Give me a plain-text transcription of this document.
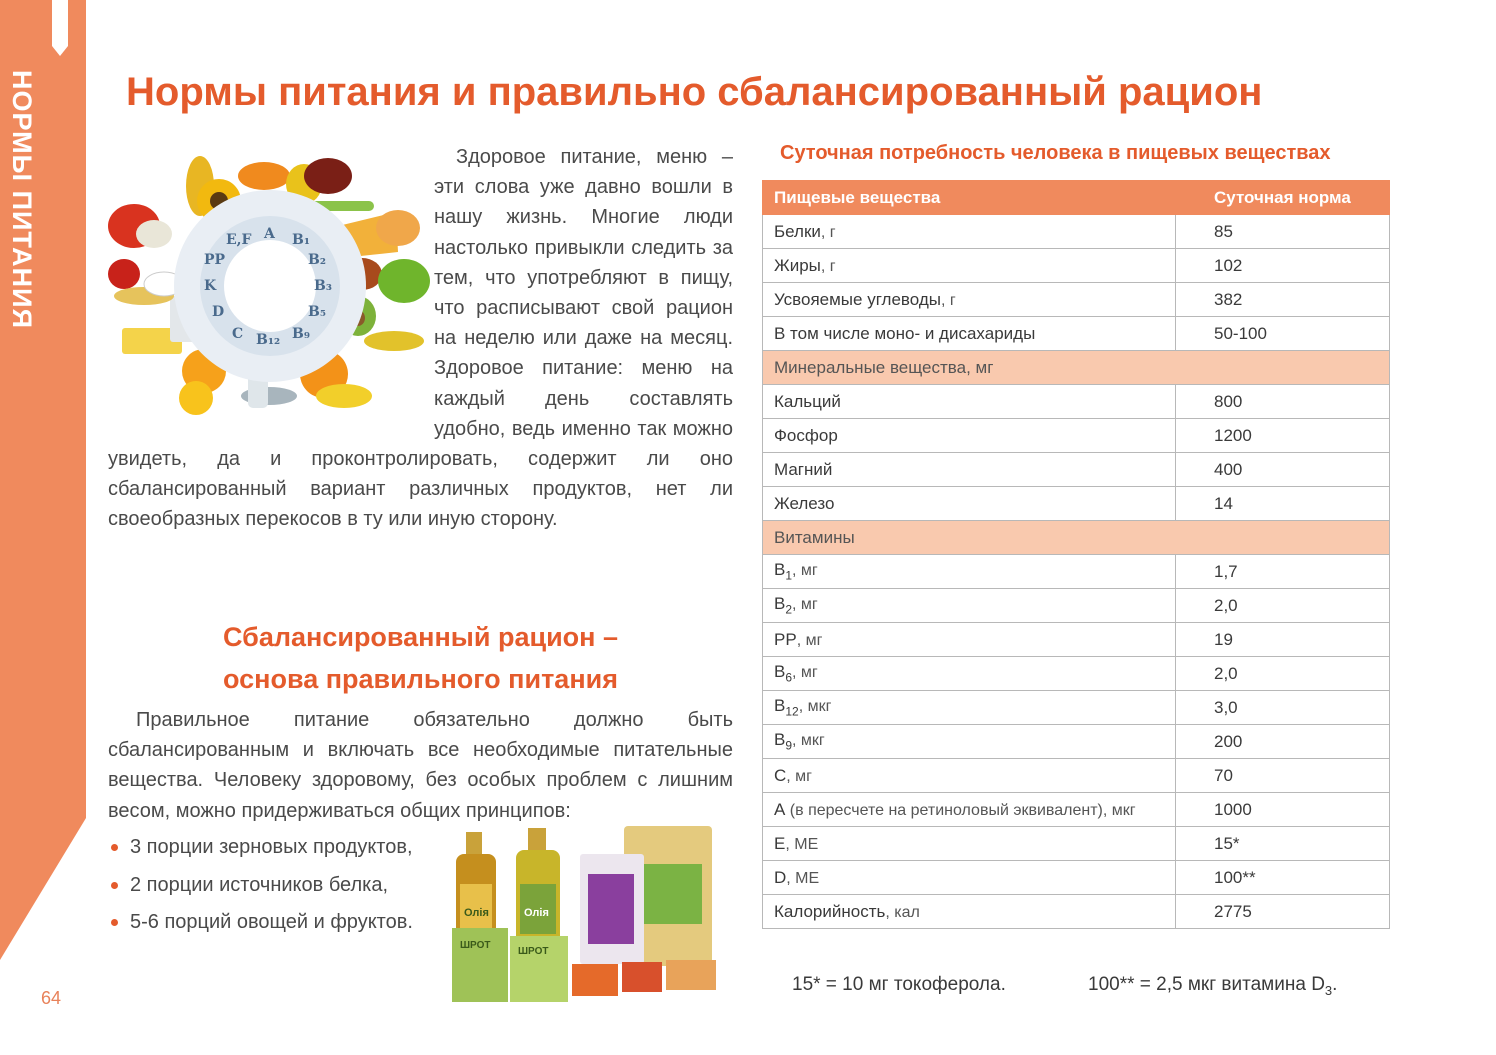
НОРМЫ ПИТАНИЯ
64
Нормы питания и правильно сбалансированный рацион
A B₁
B₂
B₃
B₅
B₉
B₁₂
C
D
K
PP
E,F

Здоровое питание, меню – эти слова уже давно вошли в нашу жизнь. Многие люди настолько привыкли следить за тем, что употребляют в пищу, что расписывают свой рацион на неделю или даже на месяц. Здоровое питание: меню на каждый день составлять удобно, ведь именно так можно увидеть, да и проконтролировать, содержит ли оно сбалансированный вариант различных продуктов, нет ли своеобразных перекосов в ту или иную сторону.

Сбалансированный рацион –
основа правильного питания

Правильное питание обязательно должно быть сбалансированным и включать все необходимые питательные вещества. Человеку здоровому, без особых проблем с лишним весом, можно придерживаться общих принципов:

3 порции зерновых продуктов,
2 порции источников белка,
5-6 порций овощей и фруктов.	Олія	Олія
ШРОТ
ШРОТ
Суточная потребность человека в пищевых веществах
Пищевые вещества	Суточная норма
Белки, г	85
Жиры, г	102
Усвояемые углеводы, г	382
В том числе моно- и дисахариды	50-100
Минеральные вещества, мг	
Кальций	800
Фосфор	1200
Магний	400
Железо	14
Витамины	
$B_1$, мг	1,7
$B_2$, мг	2,0
PP, мг	19
$B_6$, мг	2,0
$B_{12}$, мкг	3,0
$B_9$, мкг	200
C, мг	70
A (в пересчете на ретиноловый эквивалент), мкг	1000
E, МЕ	15*
D, МЕ	100**
Калорийность, кал	2775
15* = 10 мг токоферола.	100** = 2,5 мкг витамина $D_3$.
